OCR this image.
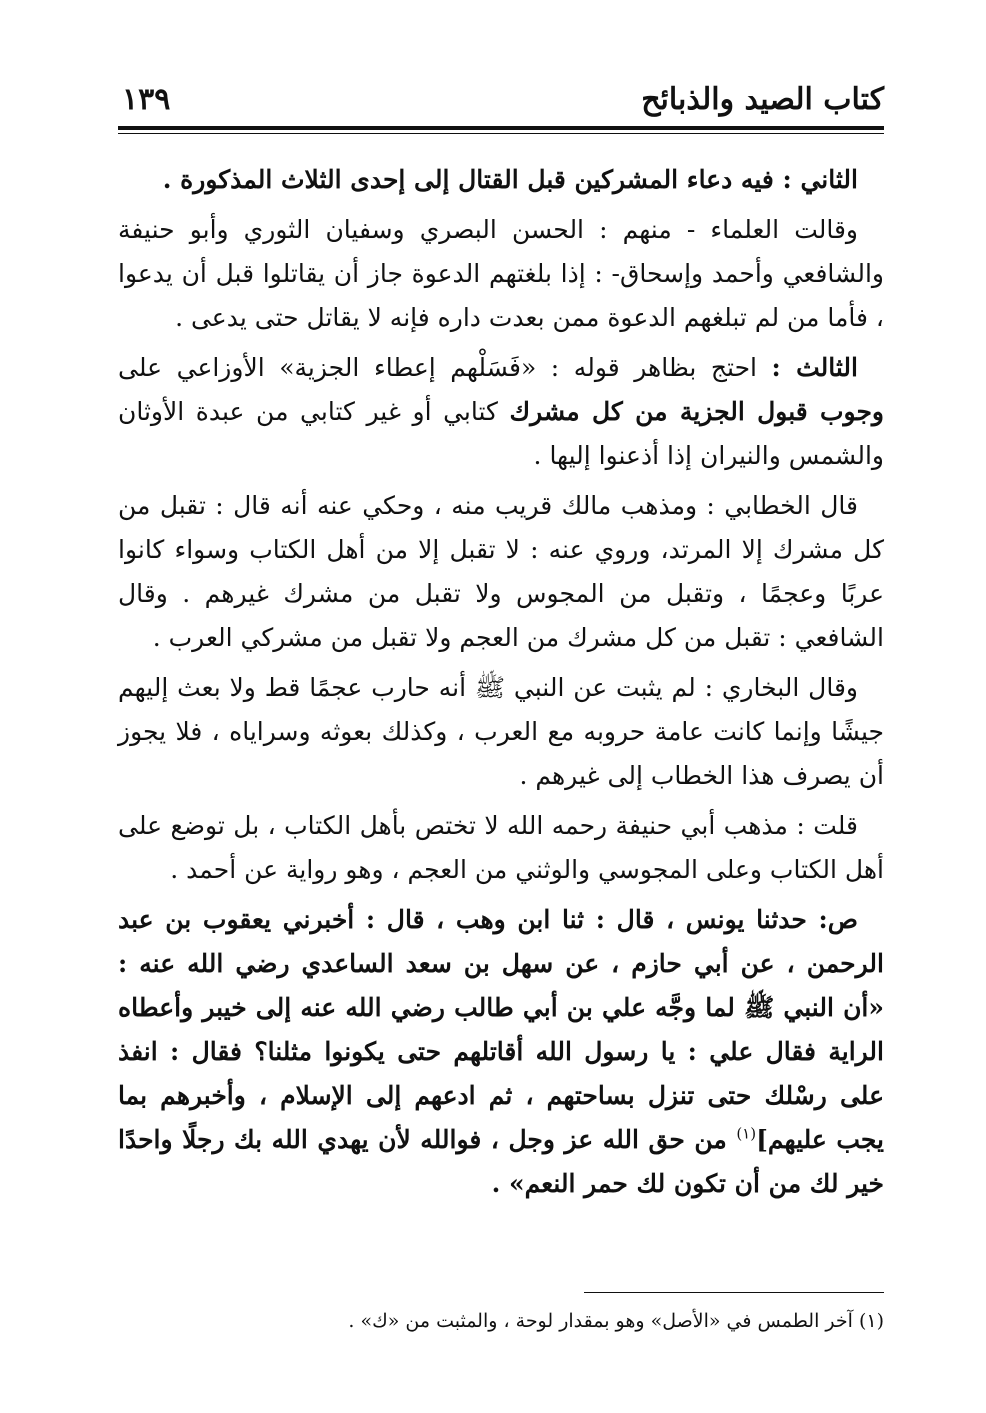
كتاب الصيد والذبائح
١٣٩

الثاني : فيه دعاء المشركين قبل القتال إلى إحدى الثلاث المذكورة .

وقالت العلماء - منهم : الحسن البصري وسفيان الثوري وأبو حنيفة والشافعي وأحمد وإسحاق- : إذا بلغتهم الدعوة جاز أن يقاتلوا قبل أن يدعوا ، فأما من لم تبلغهم الدعوة ممن بعدت داره فإنه لا يقاتل حتى يدعى .

الثالث : احتج بظاهر قوله : «فَسَلْهم إعطاء الجزية» الأوزاعي على وجوب قبول الجزية من كل مشرك كتابي أو غير كتابي من عبدة الأوثان والشمس والنيران إذا أذعنوا إليها .

قال الخطابي : ومذهب مالك قريب منه ، وحكي عنه أنه قال : تقبل من كل مشرك إلا المرتد، وروي عنه : لا تقبل إلا من أهل الكتاب وسواء كانوا عربًا وعجمًا ، وتقبل من المجوس ولا تقبل من مشرك غيرهم . وقال الشافعي : تقبل من كل مشرك من العجم ولا تقبل من مشركي العرب .

وقال البخاري : لم يثبت عن النبي ﷺ أنه حارب عجمًا قط ولا بعث إليهم جيشًا وإنما كانت عامة حروبه مع العرب ، وكذلك بعوثه وسراياه ، فلا يجوز أن يصرف هذا الخطاب إلى غيرهم .

قلت : مذهب أبي حنيفة رحمه الله لا تختص بأهل الكتاب ، بل توضع على أهل الكتاب وعلى المجوسي والوثني من العجم ، وهو رواية عن أحمد .

ص: حدثنا يونس ، قال : ثنا ابن وهب ، قال : أخبرني يعقوب بن عبد الرحمن ، عن أبي حازم ، عن سهل بن سعد الساعدي رضي الله عنه : «أن النبي ﷺ لما وجَّه علي بن أبي طالب رضي الله عنه إلى خيبر وأعطاه الراية فقال علي : يا رسول الله أقاتلهم حتى يكونوا مثلنا؟ فقال : انفذ على رسْلك حتى تنزل بساحتهم ، ثم ادعهم إلى الإسلام ، وأخبرهم بما يجب عليهم]$^{(١)}$ من حق الله عز وجل ، فوالله لأن يهدي الله بك رجلًا واحدًا خير لك من أن تكون لك حمر النعم» .

(١) آخر الطمس في «الأصل» وهو بمقدار لوحة ، والمثبت من «ك» .
